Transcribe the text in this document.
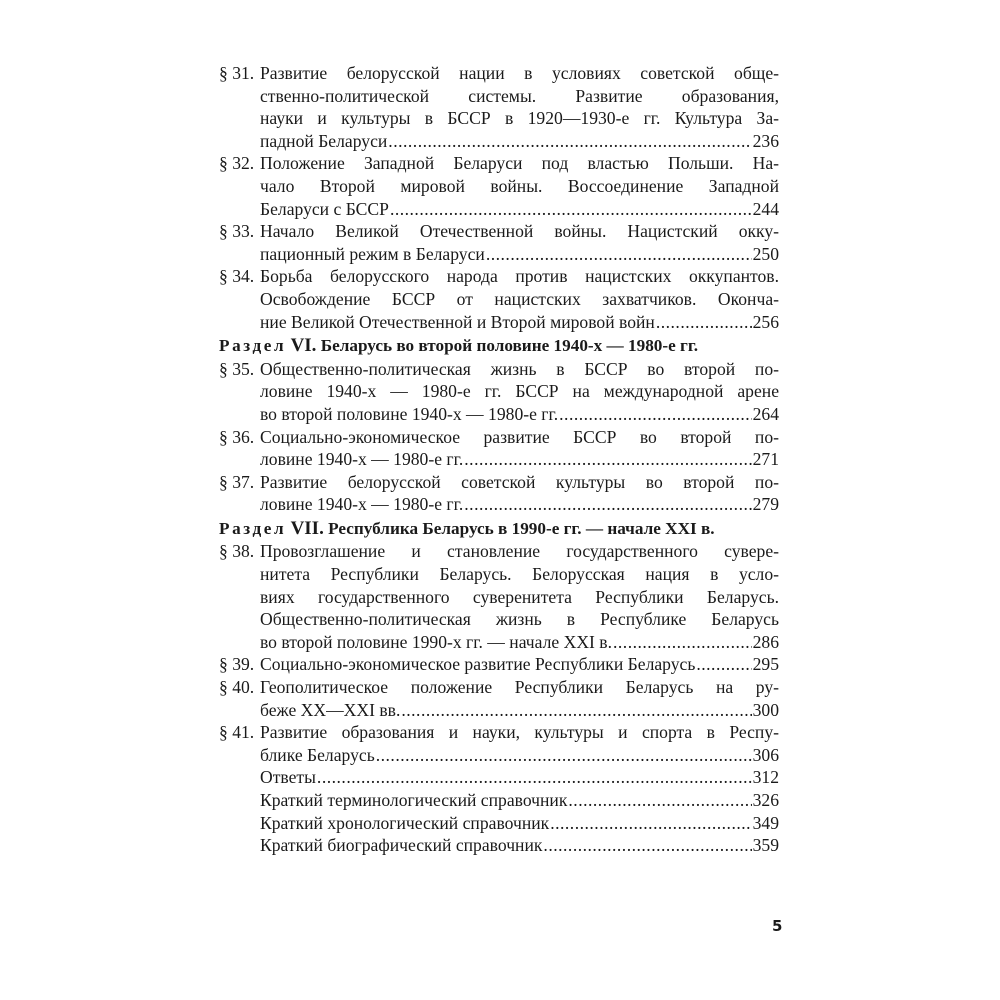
§ 31. Развитие белорусской нации в условиях советской обще-
ственно-политической системы. Развитие образования,
науки и культуры в БССР в 1920—1930-е гг. Культура За-
падной Беларуси .....	236
§ 32. Положение Западной Беларуси под властью Польши. На-
чало Второй мировой войны. Воссоединение Западной
Беларуси с БССР .....	244
§ 33. Начало Великой Отечественной войны. Нацистский окку-
пационный режим в Беларуси .....	250
§ 34. Борьба белорусского народа против нацистских оккупантов.
Освобождение БССР от нацистских захватчиков. Оконча-
ние Великой Отечественной и Второй мировой войн .....	256
Раздел VI. Беларусь во второй половине 1940-х — 1980-е гг.
§ 35. Общественно-политическая жизнь в БССР во второй по-
ловине 1940-х — 1980-е гг. БССР на международной арене
во второй половине 1940-х — 1980-е гг. .....	264
§ 36. Социально-экономическое развитие БССР во второй по-
ловине 1940-х — 1980-е гг. .....	271
§ 37. Развитие белорусской советской культуры во второй по-
ловине 1940-х — 1980-е гг. .....	279
Раздел VII. Республика Беларусь в 1990-е гг. — начале XXI в.
§ 38. Провозглашение и становление государственного сувере-
нитета Республики Беларусь. Белорусская нация в усло-
виях государственного суверенитета Республики Беларусь.
Общественно-политическая жизнь в Республике Беларусь
во второй половине 1990-х гг. — начале XXI в. .....	286
§ 39. Социально-экономическое развитие Республики Беларусь .....	295
§ 40. Геополитическое положение Республики Беларусь на ру-
беже XX—XXI вв. .....	300
§ 41. Развитие образования и науки, культуры и спорта в Респу-
блике Беларусь .....	306
Ответы .....	312
Краткий терминологический справочник .....	326
Краткий хронологический справочник .....	349
Краткий биографический справочник .....	359
5
